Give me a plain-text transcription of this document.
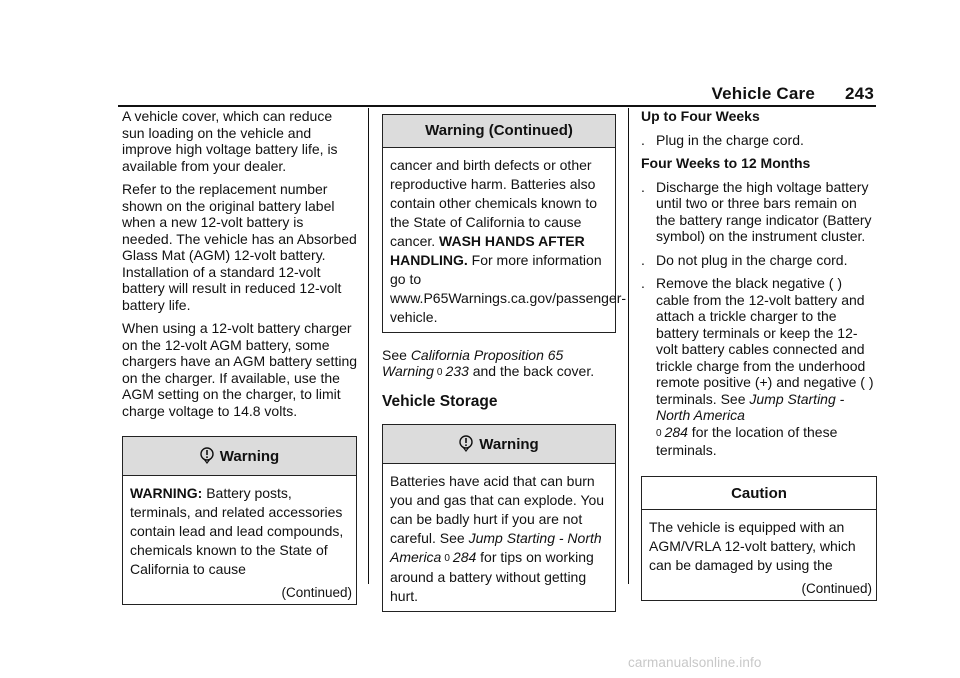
Vehicle Care 243

A vehicle cover, which can reduce sun loading on the vehicle and improve high voltage battery life, is available from your dealer.

Refer to the replacement number shown on the original battery label when a new 12-volt battery is needed. The vehicle has an Absorbed Glass Mat (AGM) 12-volt battery. Installation of a standard 12-volt battery will result in reduced 12-volt battery life.

When using a 12-volt battery charger on the 12-volt AGM battery, some chargers have an AGM battery setting on the charger. If available, use the AGM setting on the charger, to limit charge voltage to 14.8 volts.

Warning
WARNING: Battery posts, terminals, and related accessories contain lead and lead compounds, chemicals known to the State of California to cause
(Continued)
Warning (Continued)
cancer and birth defects or other reproductive harm. Batteries also contain other chemicals known to the State of California to cause cancer. WASH HANDS AFTER HANDLING. For more information go to www.P65Warnings.ca.gov/passenger-vehicle.

See California Proposition 65 Warning 0 233 and the back cover.

Vehicle Storage
Warning
Batteries have acid that can burn you and gas that can explode. You can be badly hurt if you are not careful. See Jump Starting - North America 0 284 for tips on working around a battery without getting hurt.
Up to Four Weeks
. Plug in the charge cord.
Four Weeks to 12 Months
. Discharge the high voltage battery until two or three bars remain on the battery range indicator (Battery symbol) on the instrument cluster.
. Do not plug in the charge cord.
. Remove the black negative ( ) cable from the 12-volt battery and attach a trickle charger to the battery terminals or keep the 12-volt battery cables connected and trickle charge from the underhood remote positive (+) and negative ( ) terminals. See Jump Starting - North America
0 284 for the location of these terminals.
Caution
The vehicle is equipped with an AGM/VRLA 12-volt battery, which can be damaged by using the
(Continued)
carmanualsonline.info
